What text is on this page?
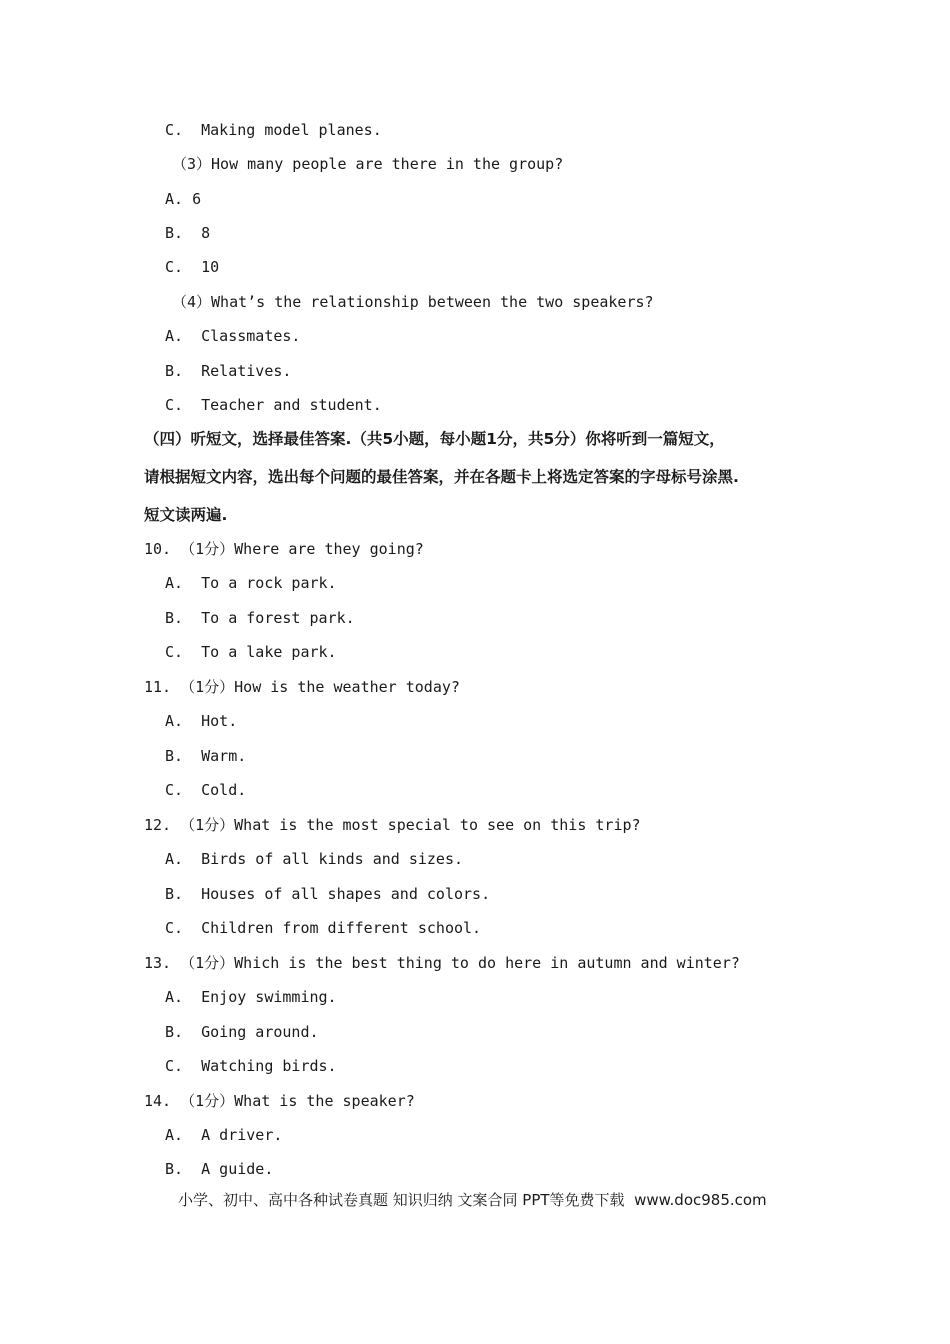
C.  Making model planes.
（3）How many people are there in the group?
A. 6
B.  8
C.  10
（4）What’s the relationship between the two speakers?
A.  Classmates.
B.  Relatives.
C.  Teacher and student.
（四）听短文，选择最佳答案.（共5小题，每小题1分，共5分）你将听到一篇短文，
请根据短文内容，选出每个问题的最佳答案，并在各题卡上将选定答案的字母标号涂黑.
短文读两遍.
10. （1分）Where are they going?
A.  To a rock park.
B.  To a forest park.
C.  To a lake park.
11. （1分）How is the weather today?
A.  Hot.
B.  Warm.
C.  Cold.
12. （1分）What is the most special to see on this trip?
A.  Birds of all kinds and sizes.
B.  Houses of all shapes and colors.
C.  Children from different school.
13. （1分）Which is the best thing to do here in autumn and winter?
A.  Enjoy swimming.
B.  Going around.
C.  Watching birds.
14. （1分）What is the speaker?
A.  A driver.
B.  A guide.
小学、初中、高中各种试卷真题 知识归纳 文案合同 PPT等免费下载  www.doc985.com
